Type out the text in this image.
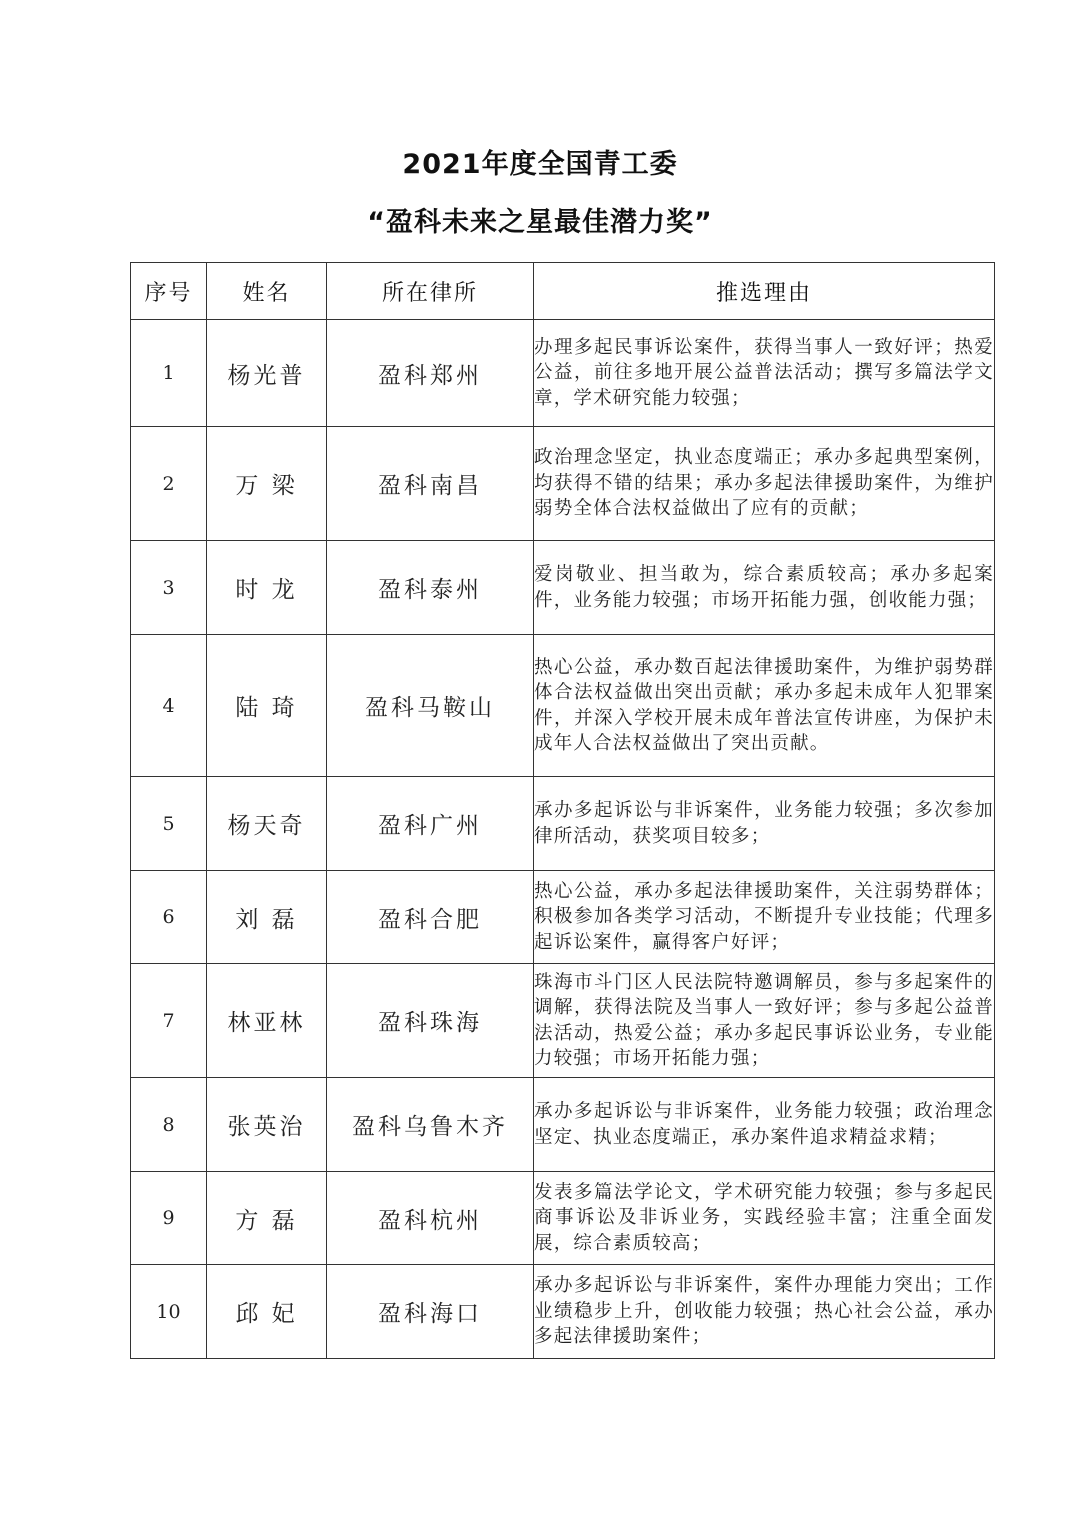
2021年度全国青工委
“盈科未来之星最佳潜力奖”
序号	姓名	所在律所	推选理由
1	杨光普	盈科郑州	办理多起民事诉讼案件，获得当事人一致好评；热爱公益，前往多地开展公益普法活动；撰写多篇法学文章，学术研究能力较强；
2	万 梁	盈科南昌	政治理念坚定，执业态度端正；承办多起典型案例，均获得不错的结果；承办多起法律援助案件，为维护弱势全体合法权益做出了应有的贡献；
3	时 龙	盈科泰州	爱岗敬业、担当敢为，综合素质较高；承办多起案件，业务能力较强；市场开拓能力强，创收能力强；
4	陆 琦	盈科马鞍山	热心公益，承办数百起法律援助案件，为维护弱势群体合法权益做出突出贡献；承办多起未成年人犯罪案件，并深入学校开展未成年普法宣传讲座，为保护未成年人合法权益做出了突出贡献。
5	杨天奇	盈科广州	承办多起诉讼与非诉案件，业务能力较强；多次参加律所活动，获奖项目较多；
6	刘 磊	盈科合肥	热心公益，承办多起法律援助案件，关注弱势群体；积极参加各类学习活动，不断提升专业技能；代理多起诉讼案件，赢得客户好评；
7	林亚林	盈科珠海	珠海市斗门区人民法院特邀调解员，参与多起案件的调解，获得法院及当事人一致好评；参与多起公益普法活动，热爱公益；承办多起民事诉讼业务，专业能力较强；市场开拓能力强；
8	张英治	盈科乌鲁木齐	承办多起诉讼与非诉案件，业务能力较强；政治理念坚定、执业态度端正，承办案件追求精益求精；
9	方 磊	盈科杭州	发表多篇法学论文，学术研究能力较强；参与多起民商事诉讼及非诉业务，实践经验丰富；注重全面发展，综合素质较高；
10	邱 妃	盈科海口	承办多起诉讼与非诉案件，案件办理能力突出；工作业绩稳步上升，创收能力较强；热心社会公益，承办多起法律援助案件；
